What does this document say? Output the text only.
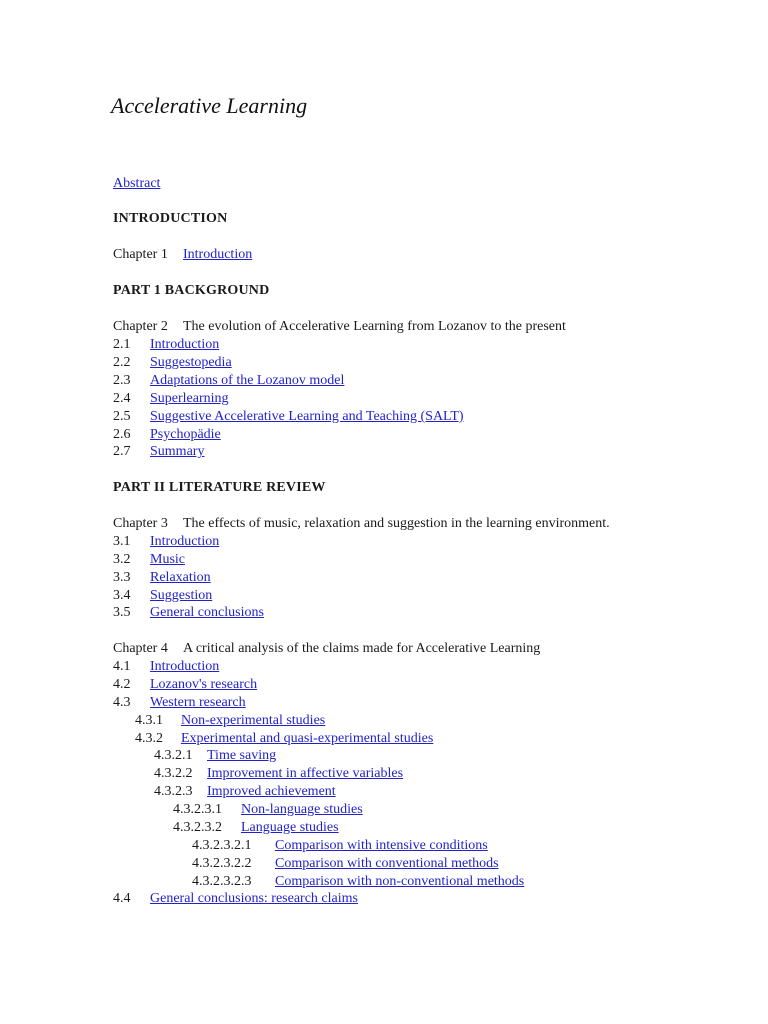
Accelerative Learning
Abstract
INTRODUCTION
Chapter 1 Introduction
PART 1 BACKGROUND
Chapter 2 The evolution of Accelerative Learning from Lozanov to the present
2.1 Introduction
2.2 Suggestopedia
2.3 Adaptations of the Lozanov model
2.4 Superlearning
2.5 Suggestive Accelerative Learning and Teaching (SALT)
2.6 Psychopädie
2.7 Summary
PART II LITERATURE REVIEW
Chapter 3 The effects of music, relaxation and suggestion in the learning environment.
3.1 Introduction
3.2 Music
3.3 Relaxation
3.4 Suggestion
3.5 General conclusions
Chapter 4 A critical analysis of the claims made for Accelerative Learning
4.1 Introduction
4.2 Lozanov's research
4.3 Western research
4.3.1 Non-experimental studies
4.3.2 Experimental and quasi-experimental studies
4.3.2.1 Time saving
4.3.2.2 Improvement in affective variables
4.3.2.3 Improved achievement
4.3.2.3.1 Non-language studies
4.3.2.3.2 Language studies
4.3.2.3.2.1 Comparison with intensive conditions
4.3.2.3.2.2 Comparison with conventional methods
4.3.2.3.2.3 Comparison with non-conventional methods
4.4 General conclusions: research claims
